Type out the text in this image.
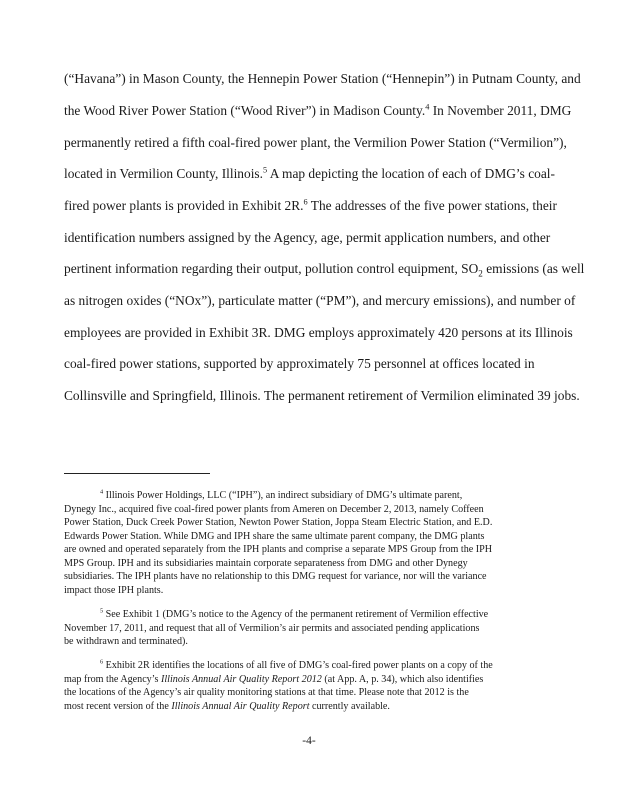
(“Havana”) in Mason County, the Hennepin Power Station (“Hennepin”) in Putnam County, and
the Wood River Power Station (“Wood River”) in Madison County.$^4$ In November 2011, DMG
permanently retired a fifth coal-fired power plant, the Vermilion Power Station (“Vermilion”),
located in Vermilion County, Illinois.$^5$ A map depicting the location of each of DMG’s coal-
fired power plants is provided in Exhibit 2R.$^6$ The addresses of the five power stations, their
identification numbers assigned by the Agency, age, permit application numbers, and other
pertinent information regarding their output, pollution control equipment, $SO_2$ emissions (as well
as nitrogen oxides (“NOx”), particulate matter (“PM”), and mercury emissions), and number of
employees are provided in Exhibit 3R. DMG employs approximately 420 persons at its Illinois
coal-fired power stations, supported by approximately 75 personnel at offices located in
Collinsville and Springfield, Illinois. The permanent retirement of Vermilion eliminated 39 jobs.
$^4$ Illinois Power Holdings, LLC (“IPH”), an indirect subsidiary of DMG’s ultimate parent,
Dynegy Inc., acquired five coal-fired power plants from Ameren on December 2, 2013, namely Coffeen
Power Station, Duck Creek Power Station, Newton Power Station, Joppa Steam Electric Station, and E.D.
Edwards Power Station. While DMG and IPH share the same ultimate parent company, the DMG plants
are owned and operated separately from the IPH plants and comprise a separate MPS Group from the IPH
MPS Group. IPH and its subsidiaries maintain corporate separateness from DMG and other Dynegy
subsidiaries. The IPH plants have no relationship to this DMG request for variance, nor will the variance
impact those IPH plants.
$^5$ See Exhibit 1 (DMG’s notice to the Agency of the permanent retirement of Vermilion effective
November 17, 2011, and request that all of Vermilion’s air permits and associated pending applications
be withdrawn and terminated).
$^6$ Exhibit 2R identifies the locations of all five of DMG’s coal-fired power plants on a copy of the
map from the Agency’s Illinois Annual Air Quality Report 2012 (at App. A, p. 34), which also identifies
the locations of the Agency’s air quality monitoring stations at that time. Please note that 2012 is the
most recent version of the Illinois Annual Air Quality Report currently available.
-4-
